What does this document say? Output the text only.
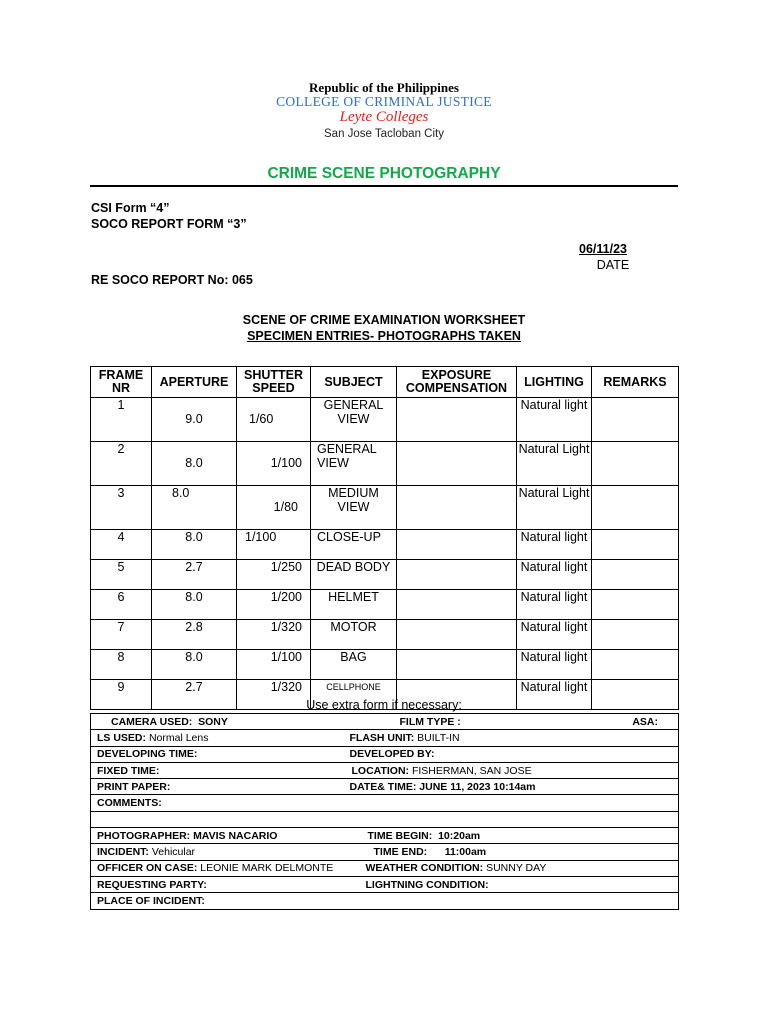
Republic of the Philippines
COLLEGE OF CRIMINAL JUSTICE
Leyte Colleges
San Jose Tacloban City
CRIME SCENE PHOTOGRAPHY
CSI Form “4”
SOCO REPORT FORM “3”
06/11/23
DATE
RE SOCO REPORT No: 065
SCENE OF CRIME EXAMINATION WORKSHEET
SPECIMEN ENTRIES- PHOTOGRAPHS TAKEN
FRAME NR	APERTURE	SHUTTER SPEED	SUBJECT	EXPOSURE COMPENSATION	LIGHTING	REMARKS
1	9.0	1/60	GENERAL VIEW		Natural light	
2	8.0	1/100	GENERAL VIEW		Natural Light	
3	8.0	1/80	MEDIUM VIEW		Natural Light	
4	8.0	1/100	CLOSE-UP		Natural light	
5	2.7	1/250	DEAD BODY		Natural light	
6	8.0	1/200	HELMET		Natural light	
7	2.8	1/320	MOTOR		Natural light	
8	8.0	1/100	BAG		Natural light	
9	2.7	1/320	CELLPHONE		Natural light	
Use extra form if necessary:
CAMERA USED: SONY	FILM TYPE :	ASA:
LS USED: Normal Lens	FLASH UNIT: BUILT-IN	
DEVELOPING TIME:	DEVELOPED BY:	
FIXED TIME:	LOCATION: FISHERMAN, SAN JOSE	
PRINT PAPER:	DATE& TIME: JUNE 11, 2023 10:14am	
COMMENTS:		

PHOTOGRAPHER: MAVIS NACARIO	TIME BEGIN: 10:20am	
INCIDENT: Vehicular	TIME END: 11:00am	
OFFICER ON CASE: LEONIE MARK DELMONTE	WEATHER CONDITION: SUNNY DAY	
REQUESTING PARTY:	LIGHTNING CONDITION:	
PLACE OF INCIDENT:		
